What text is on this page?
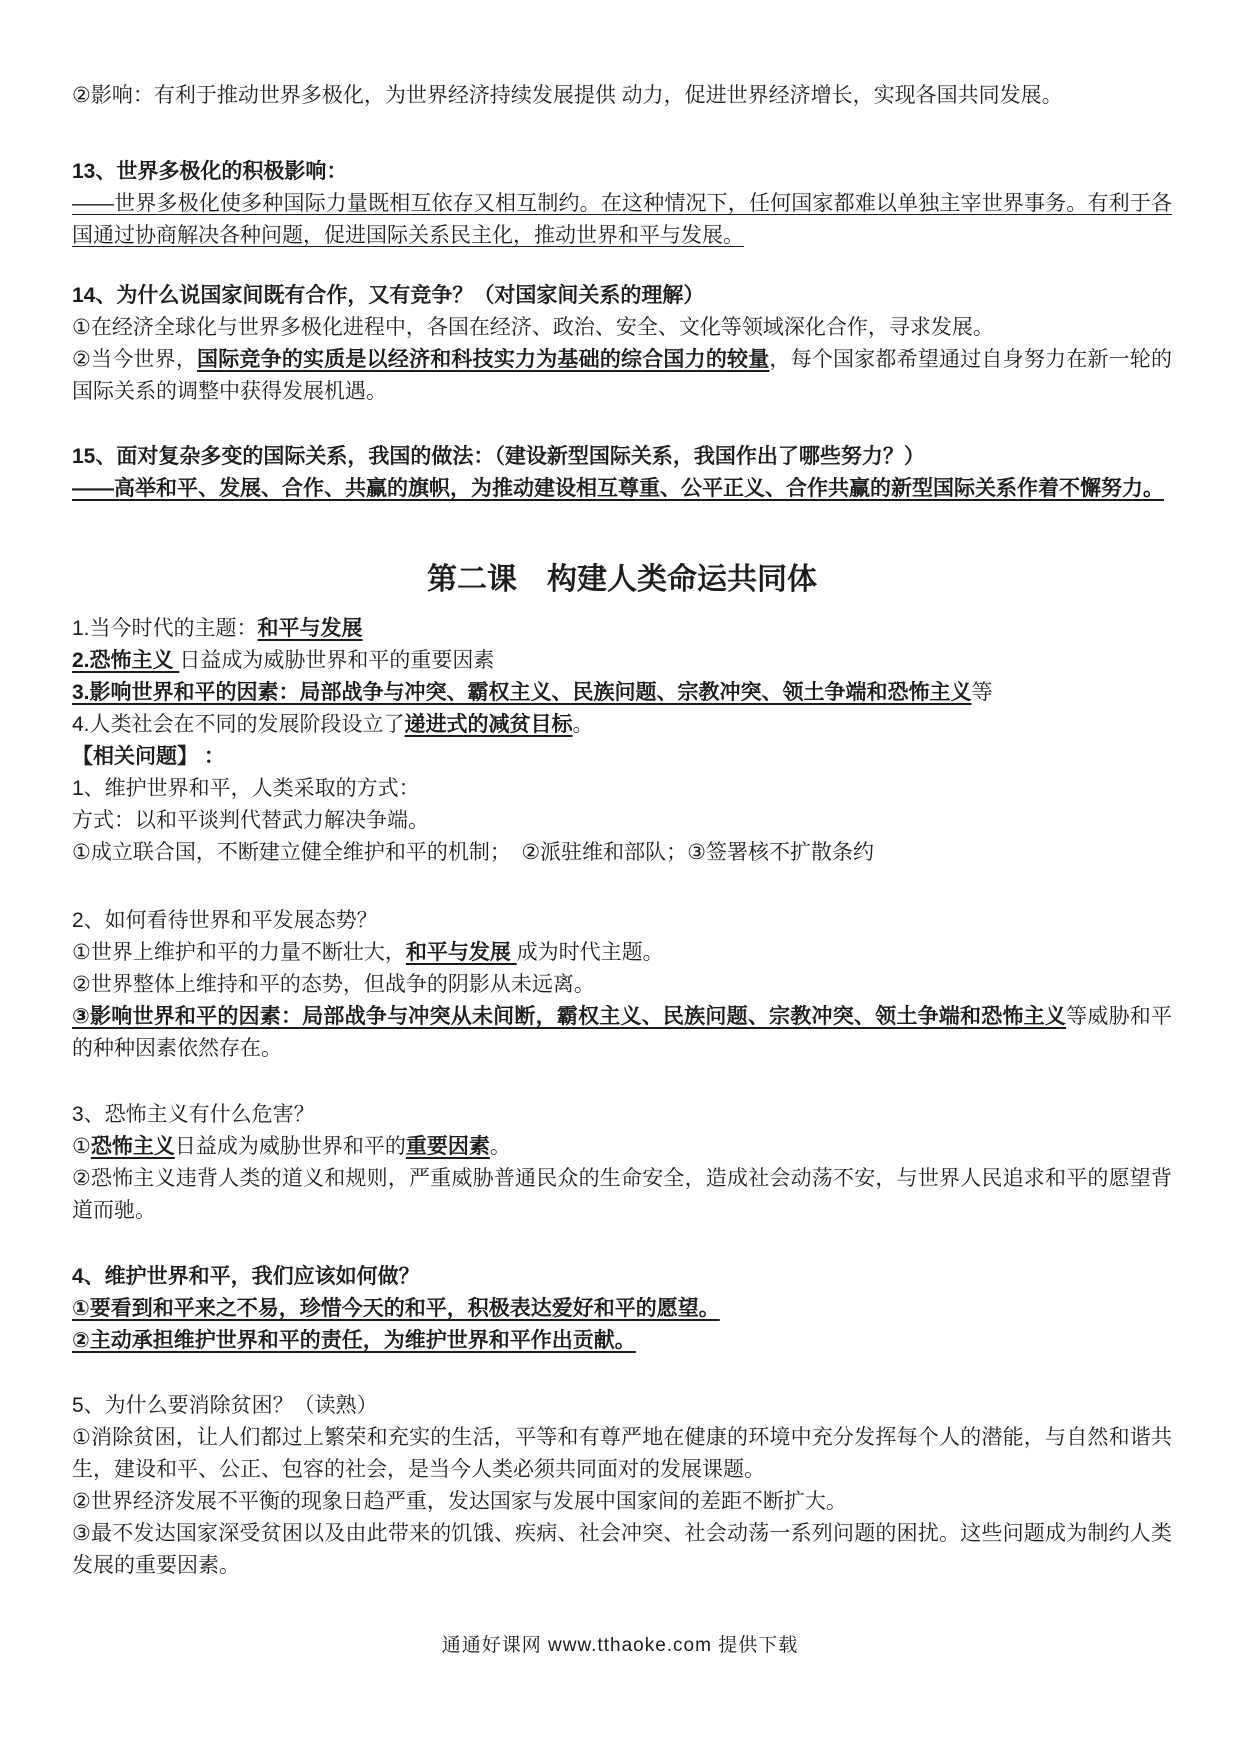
②影响：有利于推动世界多极化，为世界经济持续发展提供 动力，促进世界经济增长，实现各国共同发展。
13、世界多极化的积极影响：
——世界多极化使多种国际力量既相互依存又相互制约。在这种情况下，任何国家都难以单独主宰世界事务。有利于各国通过协商解决各种问题，促进国际关系民主化，推动世界和平与发展。
14、为什么说国家间既有合作，又有竞争？（对国家间关系的理解）
①在经济全球化与世界多极化进程中，各国在经济、政治、安全、文化等领域深化合作，寻求发展。
②当今世界，国际竞争的实质是以经济和科技实力为基础的综合国力的较量，每个国家都希望通过自身努力在新一轮的国际关系的调整中获得发展机遇。
15、面对复杂多变的国际关系，我国的做法：（建设新型国际关系，我国作出了哪些努力？）
——高举和平、发展、合作、共赢的旗帜，为推动建设相互尊重、公平正义、合作共赢的新型国际关系作着不懈努力。
第二课　构建人类命运共同体
1.当今时代的主题：和平与发展
2.恐怖主义 日益成为威胁世界和平的重要因素
3.影响世界和平的因素：局部战争与冲突、霸权主义、民族问题、宗教冲突、领土争端和恐怖主义等
4.人类社会在不同的发展阶段设立了递进式的减贫目标。
【相关问题】 ：
1、维护世界和平，人类采取的方式：
方式：以和平谈判代替武力解决争端。
①成立联合国，不断建立健全维护和平的机制；　②派驻维和部队；③签署核不扩散条约
2、如何看待世界和平发展态势？
①世界上维护和平的力量不断壮大，和平与发展 成为时代主题。
②世界整体上维持和平的态势，但战争的阴影从未远离。
③影响世界和平的因素：局部战争与冲突从未间断，霸权主义、民族问题、宗教冲突、领土争端和恐怖主义等威胁和平的种种因素依然存在。
3、恐怖主义有什么危害？
①恐怖主义日益成为威胁世界和平的重要因素。
②恐怖主义违背人类的道义和规则，严重威胁普通民众的生命安全，造成社会动荡不安，与世界人民追求和平的愿望背道而驰。
4、维护世界和平，我们应该如何做？
①要看到和平来之不易，珍惜今天的和平，积极表达爱好和平的愿望。
②主动承担维护世界和平的责任，为维护世界和平作出贡献。
5、为什么要消除贫困？（读熟）
①消除贫困，让人们都过上繁荣和充实的生活，平等和有尊严地在健康的环境中充分发挥每个人的潜能，与自然和谐共生，建设和平、公正、包容的社会，是当今人类必须共同面对的发展课题。
②世界经济发展不平衡的现象日趋严重，发达国家与发展中国家间的差距不断扩大。
③最不发达国家深受贫困以及由此带来的饥饿、疾病、社会冲突、社会动荡一系列问题的困扰。这些问题成为制约人类发展的重要因素。
通通好课网 www.tthaoke.com 提供下载
